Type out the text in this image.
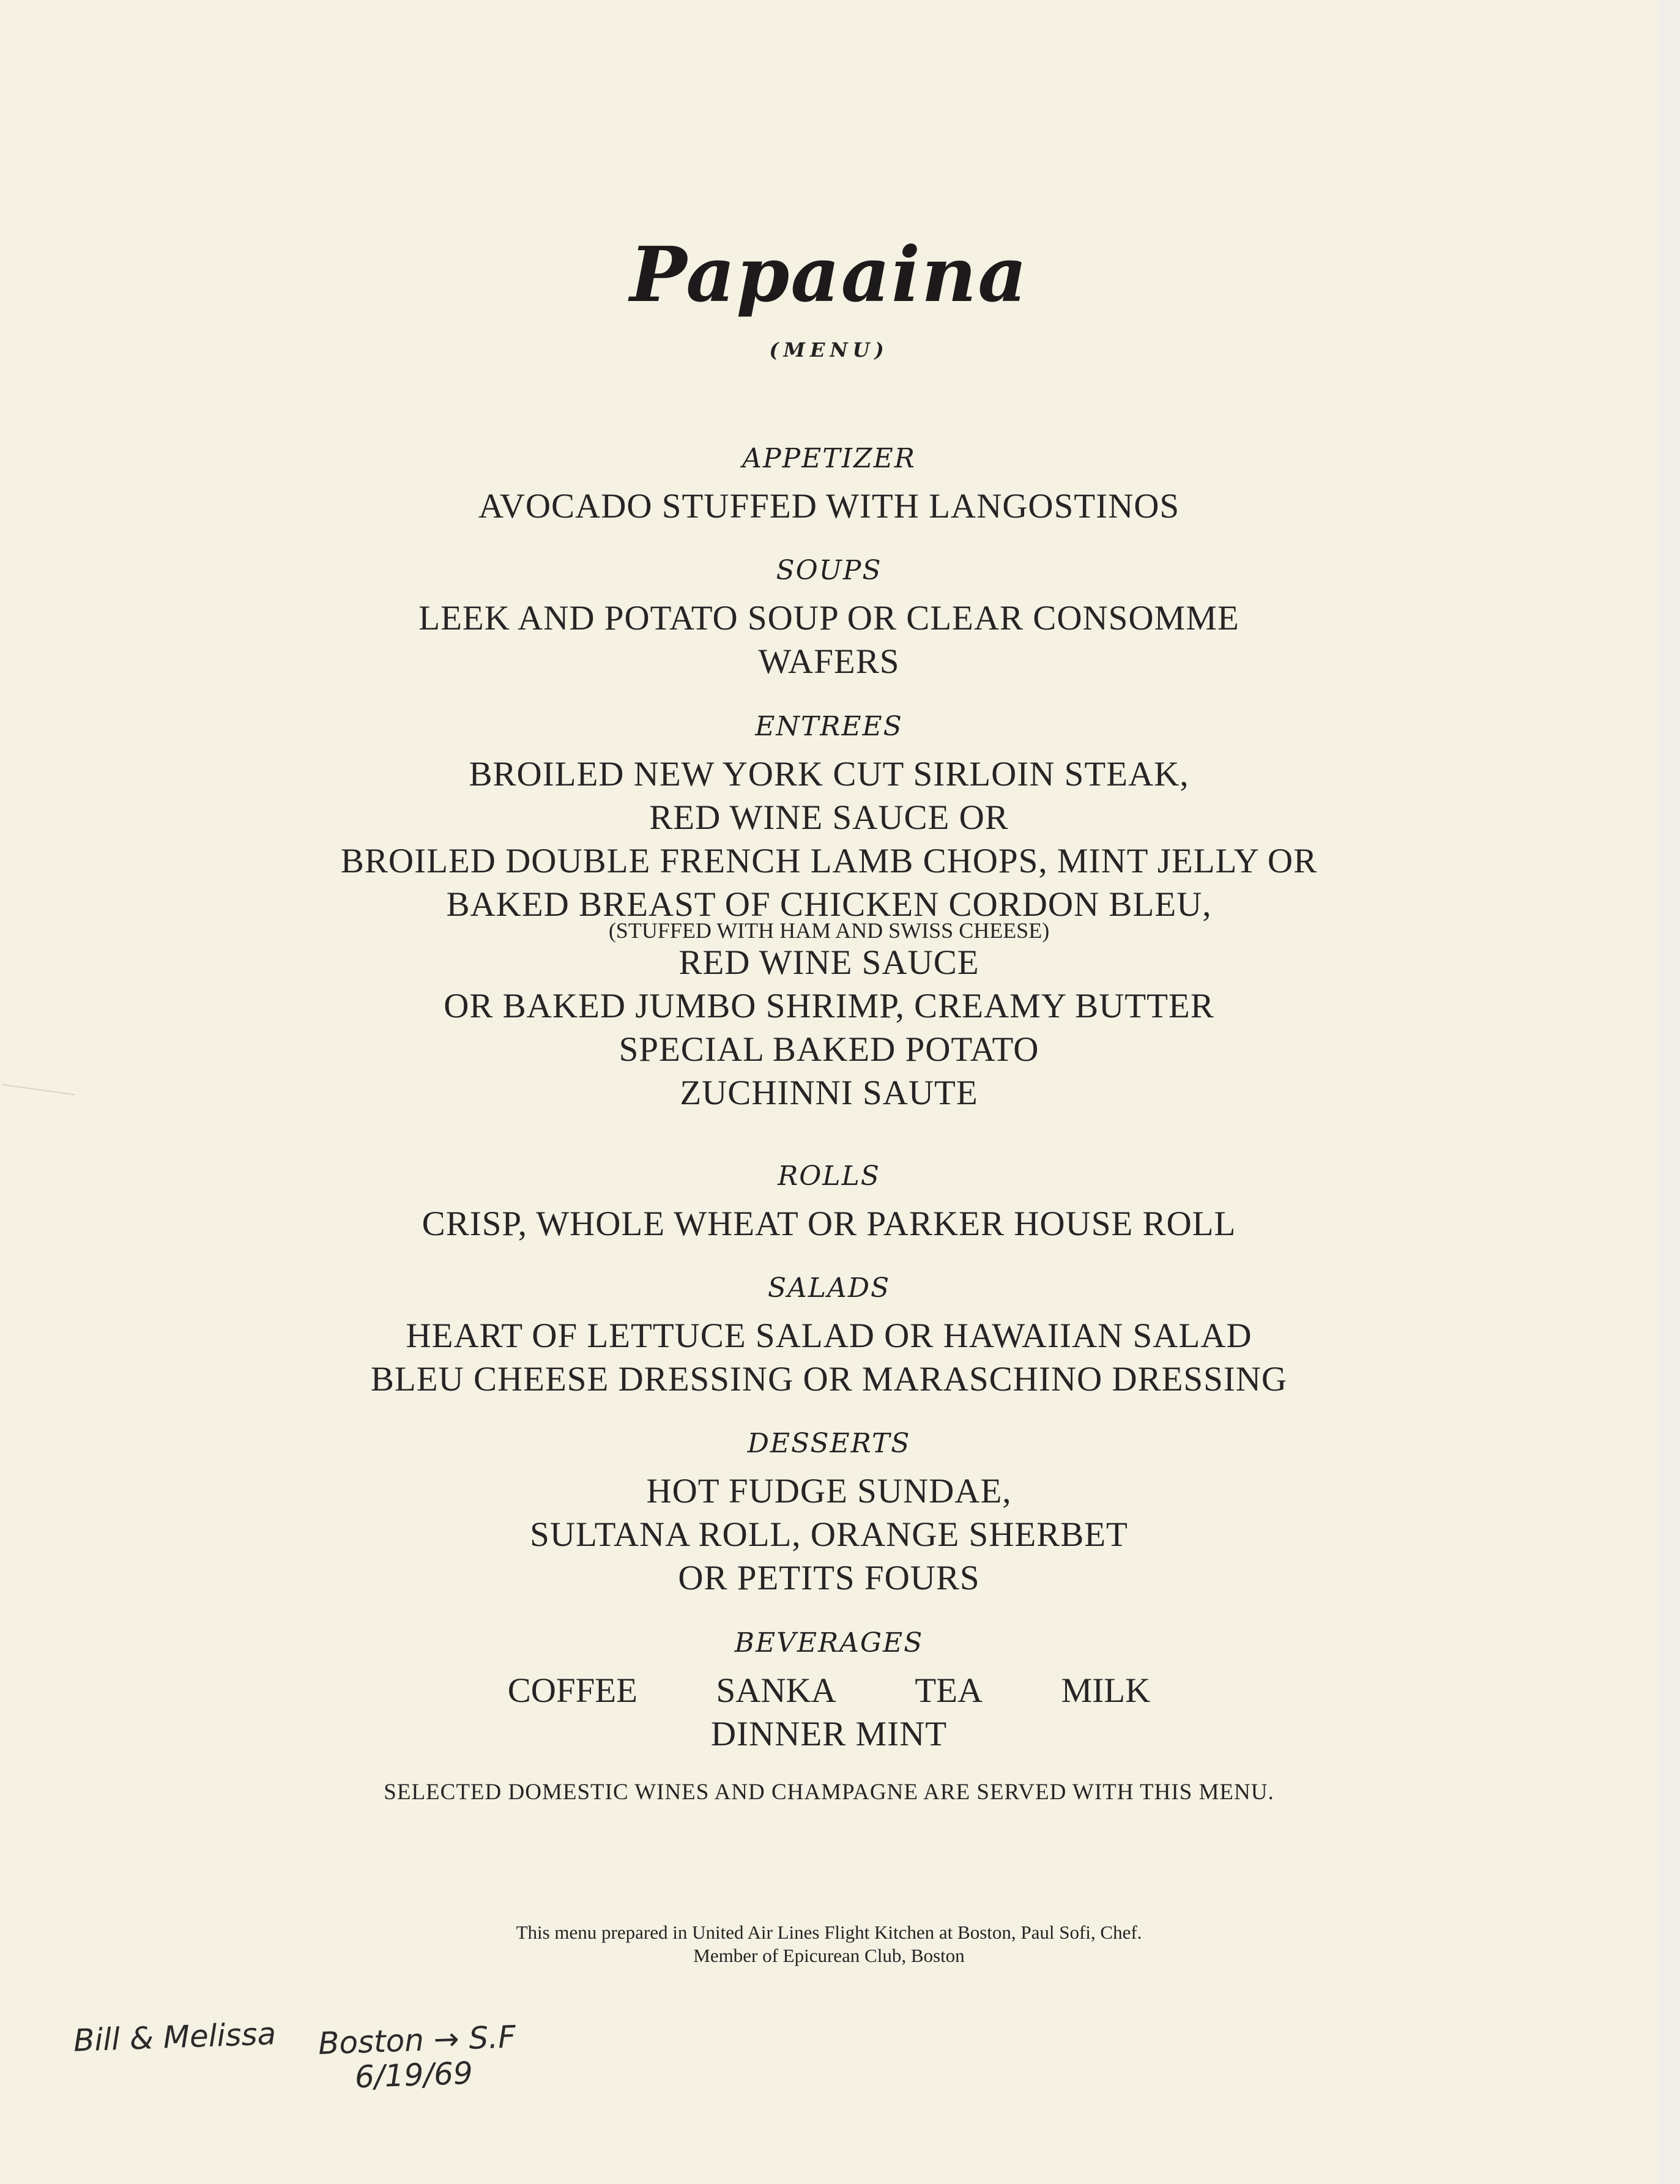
Papaaina
(MENU)
APPETIZER
AVOCADO STUFFED WITH LANGOSTINOS
SOUPS
LEEK AND POTATO SOUP OR CLEAR CONSOMME
WAFERS
ENTREES
BROILED NEW YORK CUT SIRLOIN STEAK,
RED WINE SAUCE OR
BROILED DOUBLE FRENCH LAMB CHOPS, MINT JELLY OR
BAKED BREAST OF CHICKEN CORDON BLEU,
(STUFFED WITH HAM AND SWISS CHEESE)
RED WINE SAUCE
OR BAKED JUMBO SHRIMP, CREAMY BUTTER
SPECIAL BAKED POTATO
ZUCHINNI SAUTE
ROLLS
CRISP, WHOLE WHEAT OR PARKER HOUSE ROLL
SALADS
HEART OF LETTUCE SALAD OR HAWAIIAN SALAD
BLEU CHEESE DRESSING OR MARASCHINO DRESSING
DESSERTS
HOT FUDGE SUNDAE,
SULTANA ROLL, ORANGE SHERBET
OR PETITS FOURS
BEVERAGES
COFFEE SANKA TEA MILK
DINNER MINT
SELECTED DOMESTIC WINES AND CHAMPAGNE ARE SERVED WITH THIS MENU.
This menu prepared in United Air Lines Flight Kitchen at Boston, Paul Sofi, Chef.
Member of Epicurean Club, Boston
Bill & Melissa Boston → S.F
6/19/69
